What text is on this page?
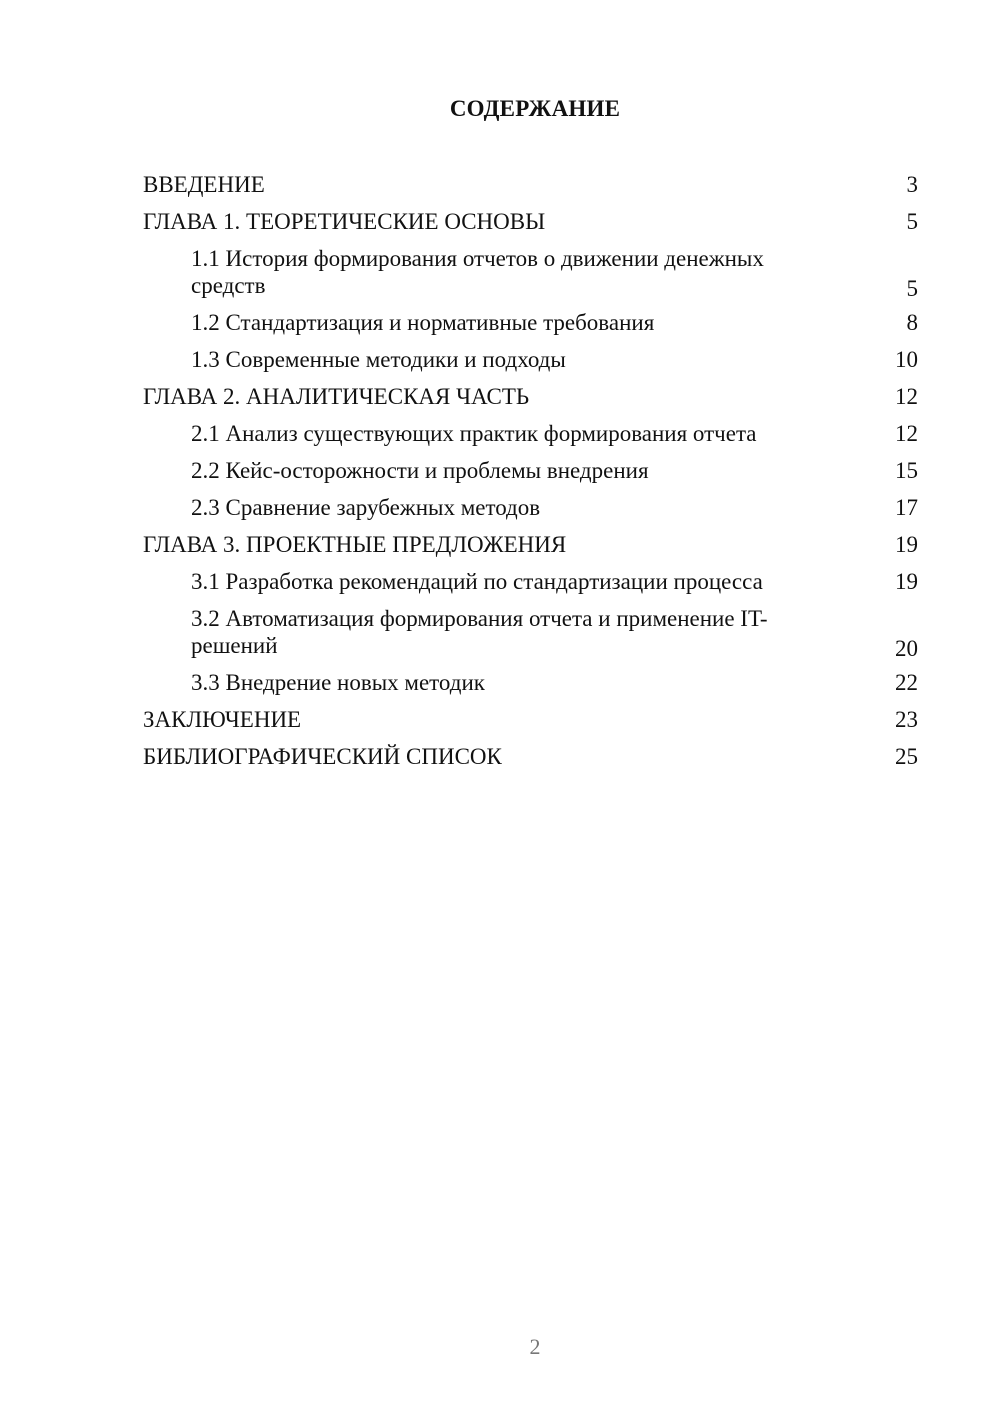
СОДЕРЖАНИЕ
ВВЕДЕНИЕ	3
ГЛАВА 1. ТЕОРЕТИЧЕСКИЕ ОСНОВЫ	5
1.1 История формирования отчетов о движении денежных средств	5
1.2 Стандартизация и нормативные требования	8
1.3 Современные методики и подходы	10
ГЛАВА 2. АНАЛИТИЧЕСКАЯ ЧАСТЬ	12
2.1 Анализ существующих практик формирования отчета	12
2.2 Кейс-осторожности и проблемы внедрения	15
2.3 Сравнение зарубежных методов	17
ГЛАВА 3. ПРОЕКТНЫЕ ПРЕДЛОЖЕНИЯ	19
3.1 Разработка рекомендаций по стандартизации процесса	19
3.2 Автоматизация формирования отчета и применение IT-решений	20
3.3 Внедрение новых методик	22
ЗАКЛЮЧЕНИЕ	23
БИБЛИОГРАФИЧЕСКИЙ СПИСОК	25
2
